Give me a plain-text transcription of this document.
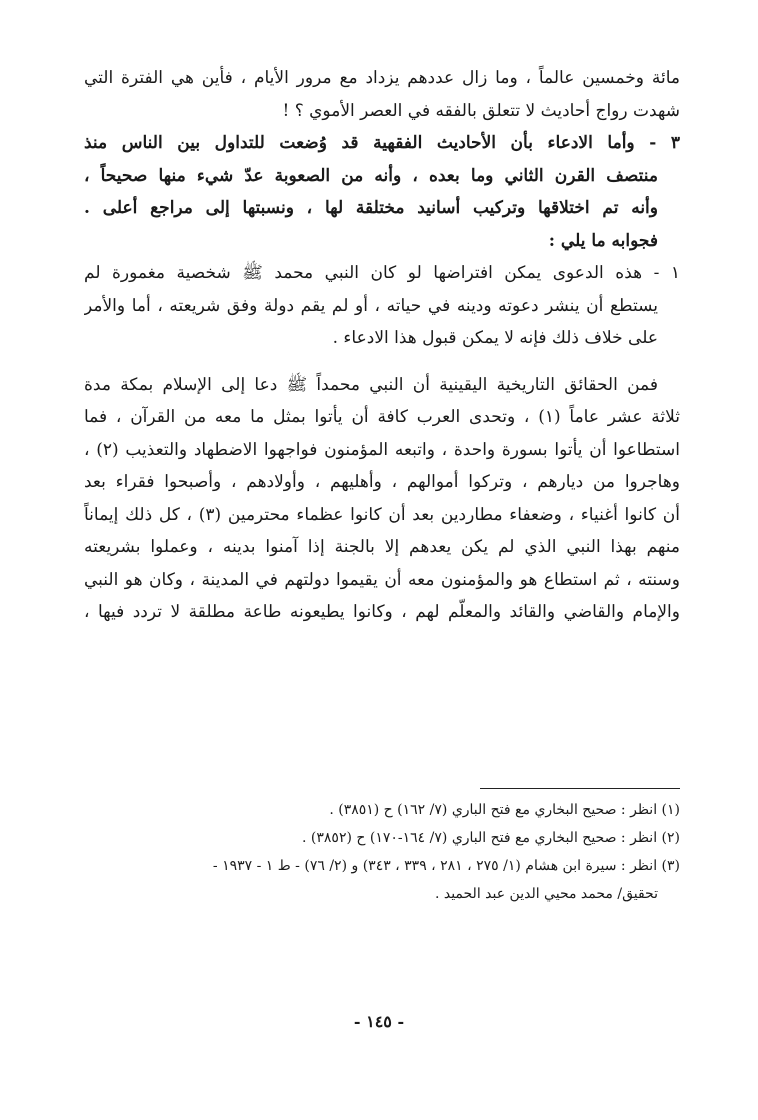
مائة وخمسين عالماً ، وما زال عددهم يزداد مع مرور الأيام ، فأين هي الفترة التي
شهدت رواج أحاديث لا تتعلق بالفقه في العصر الأموي ؟ !
٣ - وأما الادعاء بأن الأحاديث الفقهية قد وُضعت للتداول بين الناس منذ
منتصف القرن الثاني وما بعده ، وأنه من الصعوبة عدّ شيء منها صحيحاً ،
وأنه تم اختلاقها وتركيب أسانيد مختلقة لها ، ونسبتها إلى مراجع أعلى .
فجوابه ما يلي :
١ - هذه الدعوى يمكن افتراضها لو كان النبي محمد ﷺ شخصية مغمورة لم
يستطع أن ينشر دعوته ودينه في حياته ، أو لم يقم دولة وفق شريعته ، أما والأمر
على خلاف ذلك فإنه لا يمكن قبول هذا الادعاء .
فمن الحقائق التاريخية اليقينية أن النبي محمداً ﷺ دعا إلى الإسلام بمكة مدة
ثلاثة عشر عاماً (١) ، وتحدى العرب كافة أن يأتوا بمثل ما معه من القرآن ، فما
استطاعوا أن يأتوا بسورة واحدة ، واتبعه المؤمنون فواجهوا الاضطهاد والتعذيب (٢) ،
وهاجروا من ديارهم ، وتركوا أموالهم ، وأهليهم ، وأولادهم ، وأصبحوا فقراء بعد
أن كانوا أغنياء ، وضعفاء مطاردين بعد أن كانوا عظماء محترمين (٣) ، كل ذلك إيماناً
منهم بهذا النبي الذي لم يكن يعدهم إلا بالجنة إذا آمنوا بدينه ، وعملوا بشريعته
وسنته ، ثم استطاع هو والمؤمنون معه أن يقيموا دولتهم في المدينة ، وكان هو النبي
والإمام والقاضي والقائد والمعلّم لهم ، وكانوا يطيعونه طاعة مطلقة لا تردد فيها ،
(١) انظر : صحيح البخاري مع فتح الباري (٧/ ١٦٢) ح (٣٨٥١) .
(٢) انظر : صحيح البخاري مع فتح الباري (٧/ ١٦٤-١٧٠) ح (٣٨٥٢) .
(٣) انظر : سيرة ابن هشام (١/ ٢٧٥ ، ٢٨١ ، ٣٣٩ ، ٣٤٣) و (٢/ ٧٦) - ط ١ - ١٩٣٧ -
تحقيق/ محمد محيي الدين عبد الحميد .
- ١٤٥ -
